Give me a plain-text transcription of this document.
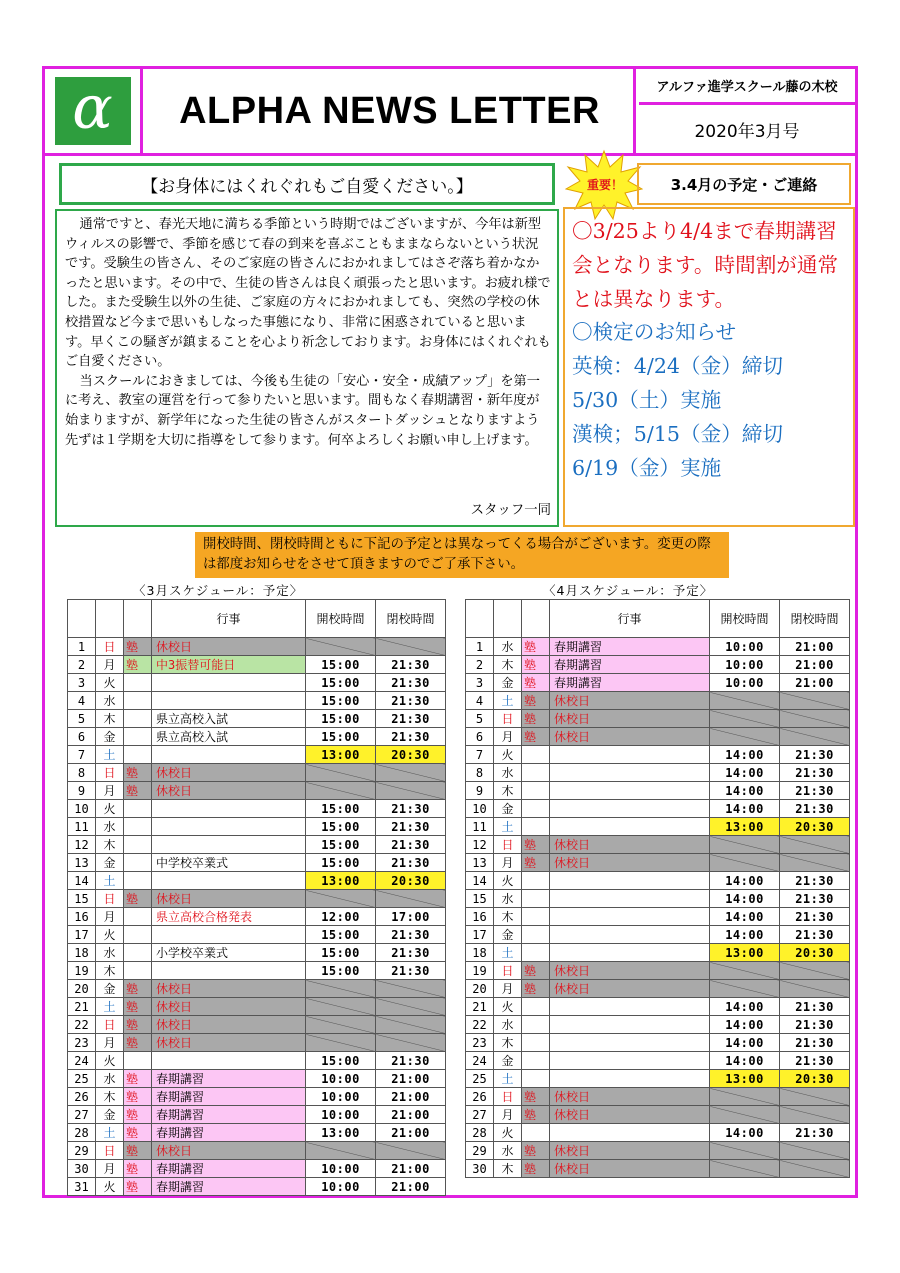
α	ALPHA NEWS LETTER
アルファ進学スクール藤の木校
2020年3月号
【お身体にはくれぐれもご自愛ください。】

通常ですと、春光天地に満ちる季節という時期ではございますが、今年は新型ウィルスの影響で、季節を感じて春の到来を喜ぶこともままならないという状況です。受験生の皆さん、そのご家庭の皆さんにおかれましてはさぞ落ち着かなかったと思います。その中で、生徒の皆さんは良く頑張ったと思います。お疲れ様でした。また受験生以外の生徒、ご家庭の方々におかれましても、突然の学校の休校措置など今まで思いもしなった事態になり、非常に困惑されていると思います。早くこの騒ぎが鎮まることを心より祈念しております。お身体にはくれぐれもご自愛ください。

当スクールにおきましては、今後も生徒の「安心・安全・成績アップ」を第一に考え、教室の運営を行って参りたいと思います。間もなく春期講習・新年度が始まりますが、新学年になった生徒の皆さんがスタートダッシュとなりますよう先ずは１学期を大切に指導をして参ります。何卒よろしくお願い申し上げます。

スタッフ一同
重要！	3.4月の予定・ご連絡
〇3/25より4/4まで春期講習会となります。時間割が通常とは異なります。
〇検定のお知らせ
英検：4/24（金）締切
5/30（土）実施
漢検；5/15（金）締切
6/19（金）実施
開校時間、閉校時間ともに下記の予定とは異なってくる場合がございます。変更の際は都度お知らせをさせて頂きますのでご了承下さい。
〈3月スケジュール：予定〉
			行事	開校時間	閉校時間
1	日	塾	休校日		
2	月	塾	中3振替可能日	15:00	21:30
3	火			15:00	21:30
4	水			15:00	21:30
5	木		県立高校入試	15:00	21:30
6	金		県立高校入試	15:00	21:30
7	土			13:00	20:30
8	日	塾	休校日		
9	月	塾	休校日		
10	火			15:00	21:30
11	水			15:00	21:30
12	木			15:00	21:30
13	金		中学校卒業式	15:00	21:30
14	土			13:00	20:30
15	日	塾	休校日		
16	月		県立高校合格発表	12:00	17:00
17	火			15:00	21:30
18	水		小学校卒業式	15:00	21:30
19	木			15:00	21:30
20	金	塾	休校日		
21	土	塾	休校日		
22	日	塾	休校日		
23	月	塾	休校日		
24	火			15:00	21:30
25	水	塾	春期講習	10:00	21:00
26	木	塾	春期講習	10:00	21:00
27	金	塾	春期講習	10:00	21:00
28	土	塾	春期講習	13:00	21:00
29	日	塾	休校日		
30	月	塾	春期講習	10:00	21:00
31	火	塾	春期講習	10:00	21:00
〈4月スケジュール：予定〉
			行事	開校時間	閉校時間
1	水	塾	春期講習	10:00	21:00
2	木	塾	春期講習	10:00	21:00
3	金	塾	春期講習	10:00	21:00
4	土	塾	休校日		
5	日	塾	休校日		
6	月	塾	休校日		
7	火			14:00	21:30
8	水			14:00	21:30
9	木			14:00	21:30
10	金			14:00	21:30
11	土			13:00	20:30
12	日	塾	休校日		
13	月	塾	休校日		
14	火			14:00	21:30
15	水			14:00	21:30
16	木			14:00	21:30
17	金			14:00	21:30
18	土			13:00	20:30
19	日	塾	休校日		
20	月	塾	休校日		
21	火			14:00	21:30
22	水			14:00	21:30
23	木			14:00	21:30
24	金			14:00	21:30
25	土			13:00	20:30
26	日	塾	休校日		
27	月	塾	休校日		
28	火			14:00	21:30
29	水	塾	休校日		
30	木	塾	休校日		
